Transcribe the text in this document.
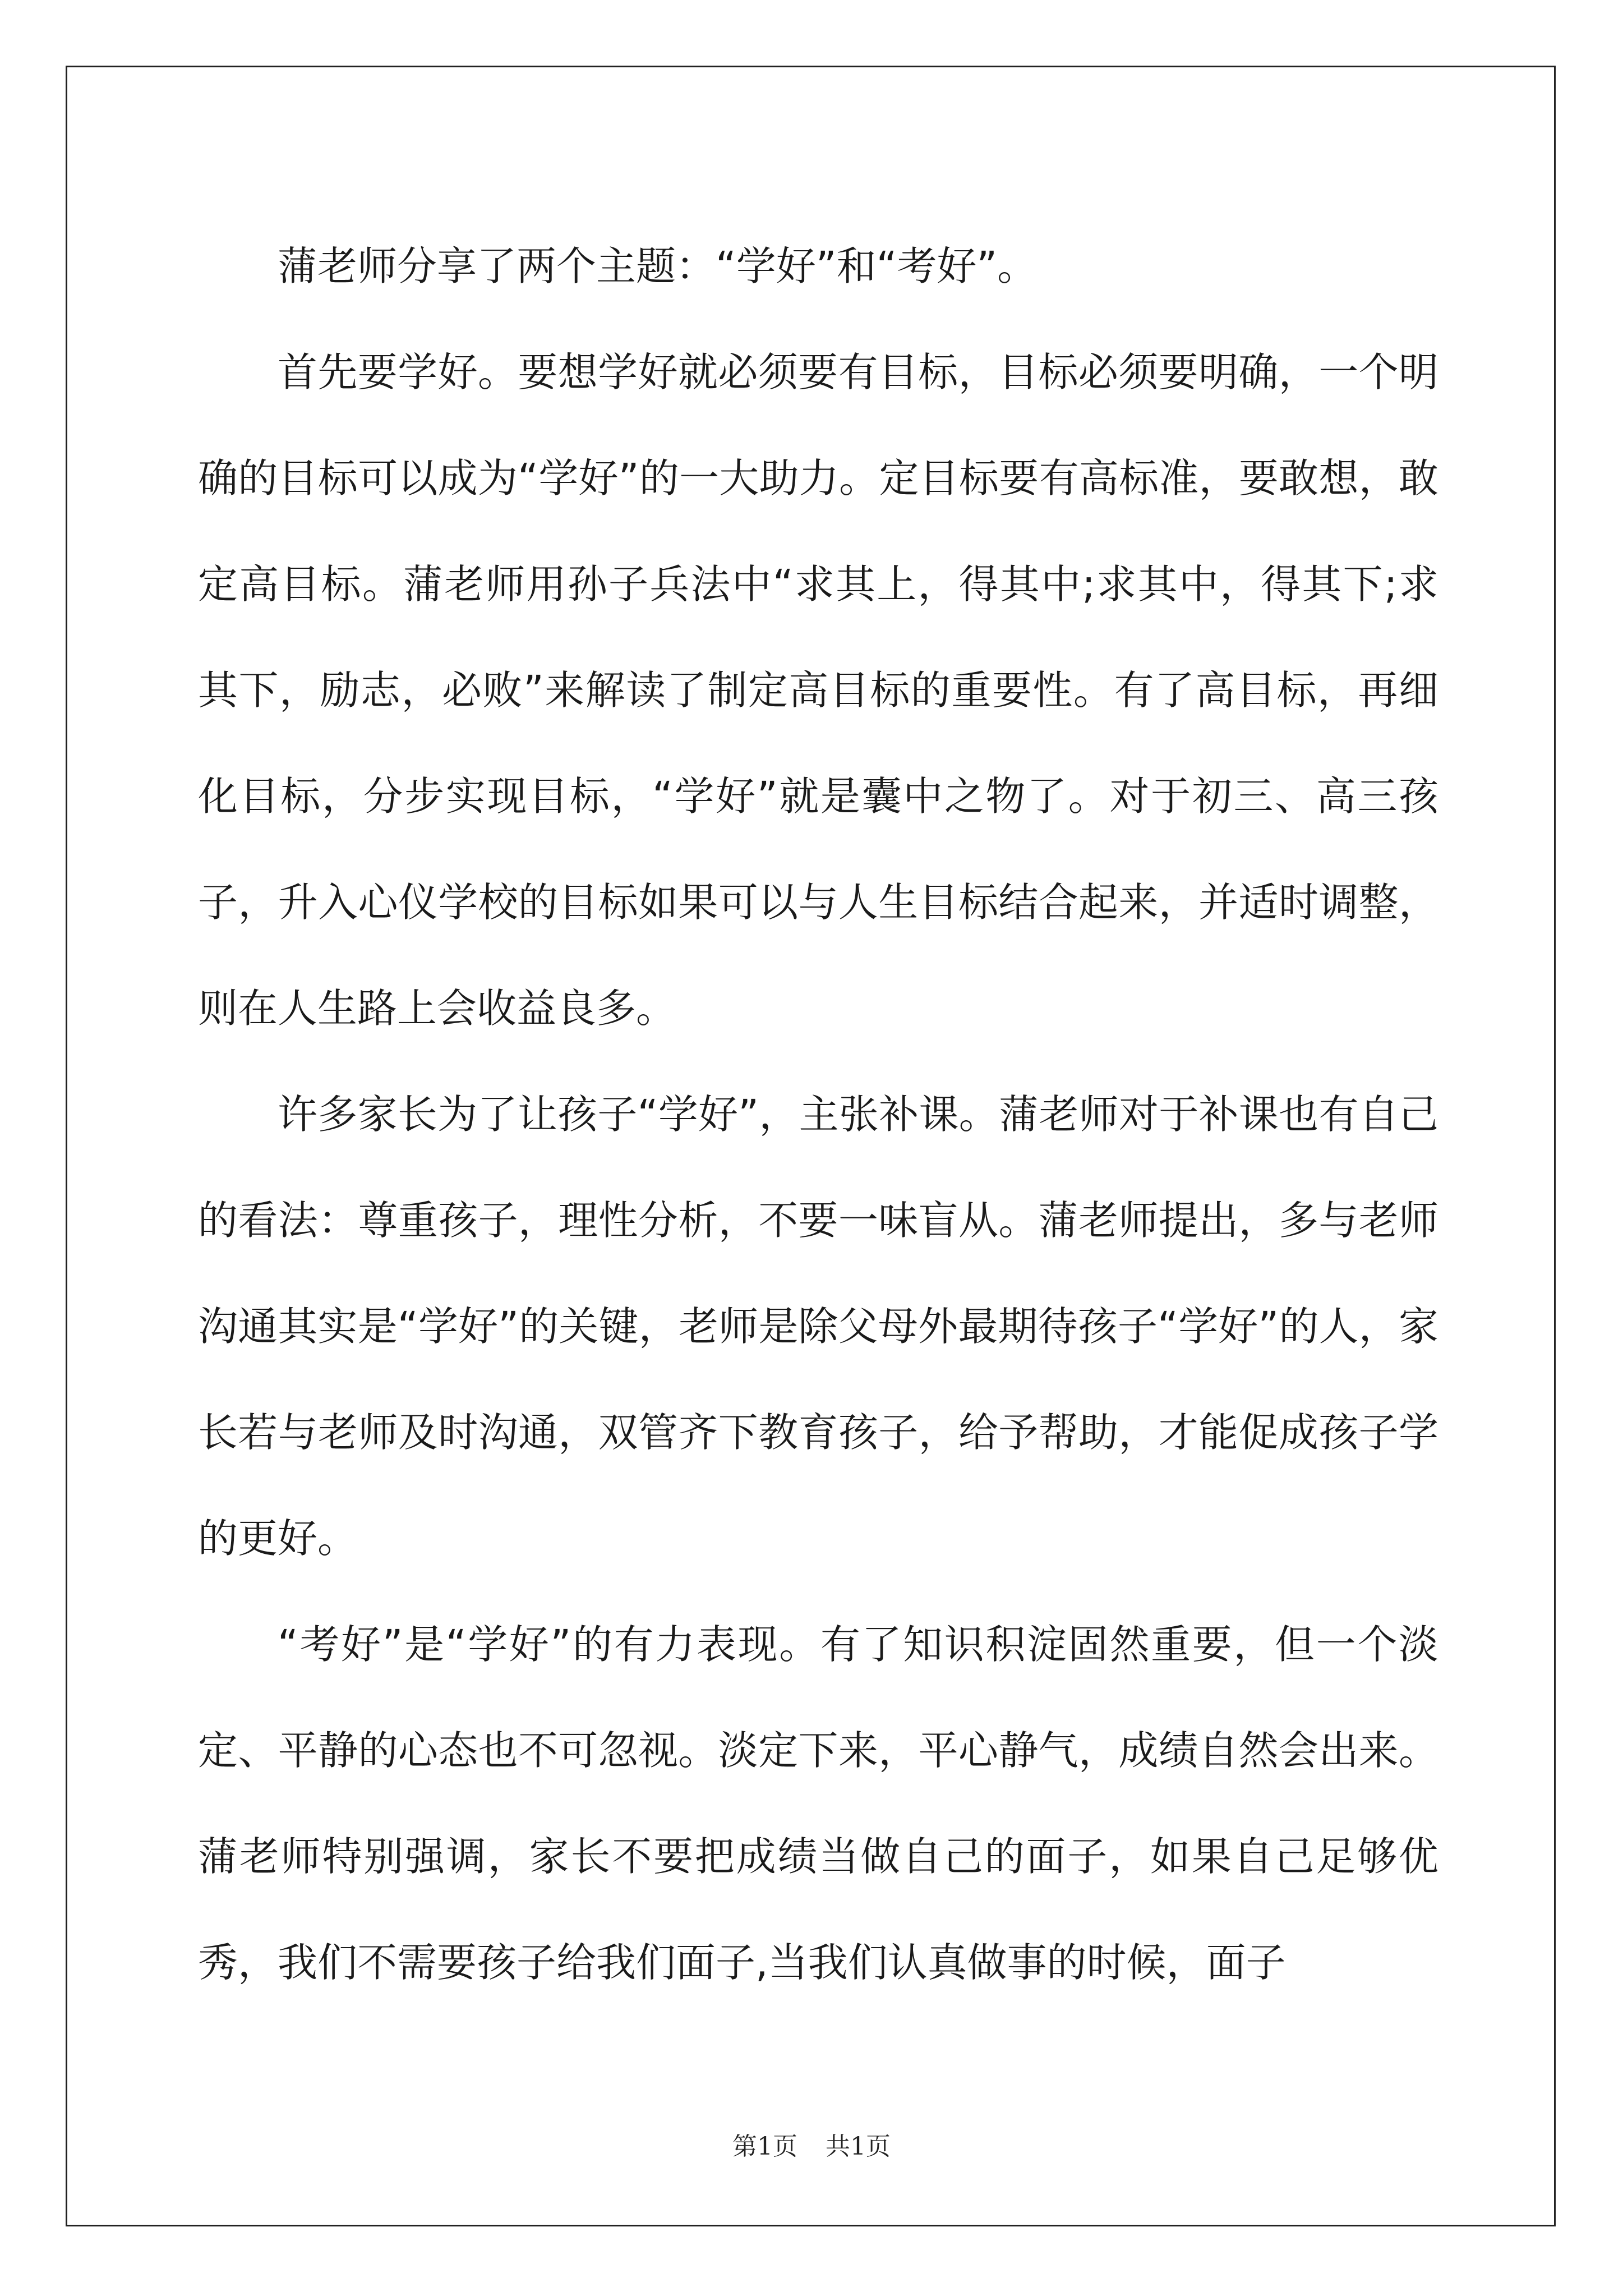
蒲老师分享了两个主题：“学好”和“考好”。

首先要学好。要想学好就必须要有目标，目标必须要明确，一个明确的目标可以成为“学好”的一大助力。定目标要有高标准，要敢想，敢定高目标。蒲老师用孙子兵法中“求其上，得其中;求其中，得其下;求其下，励志，必败”来解读了制定高目标的重要性。有了高目标，再细化目标，分步实现目标，“学好”就是囊中之物了。对于初三、高三孩子，升入心仪学校的目标如果可以与人生目标结合起来，并适时调整，则在人生路上会收益良多。

许多家长为了让孩子“学好”，主张补课。蒲老师对于补课也有自己的看法：尊重孩子，理性分析，不要一味盲从。蒲老师提出，多与老师沟通其实是“学好”的关键，老师是除父母外最期待孩子“学好”的人，家长若与老师及时沟通，双管齐下教育孩子，给予帮助，才能促成孩子学的更好。

“考好”是“学好”的有力表现。有了知识积淀固然重要，但一个淡定、平静的心态也不可忽视。淡定下来，平心静气，成绩自然会出来。蒲老师特别强调，家长不要把成绩当做自己的面子，如果自己足够优秀，我们不需要孩子给我们面子,当我们认真做事的时候，面子

第1页 共1页
